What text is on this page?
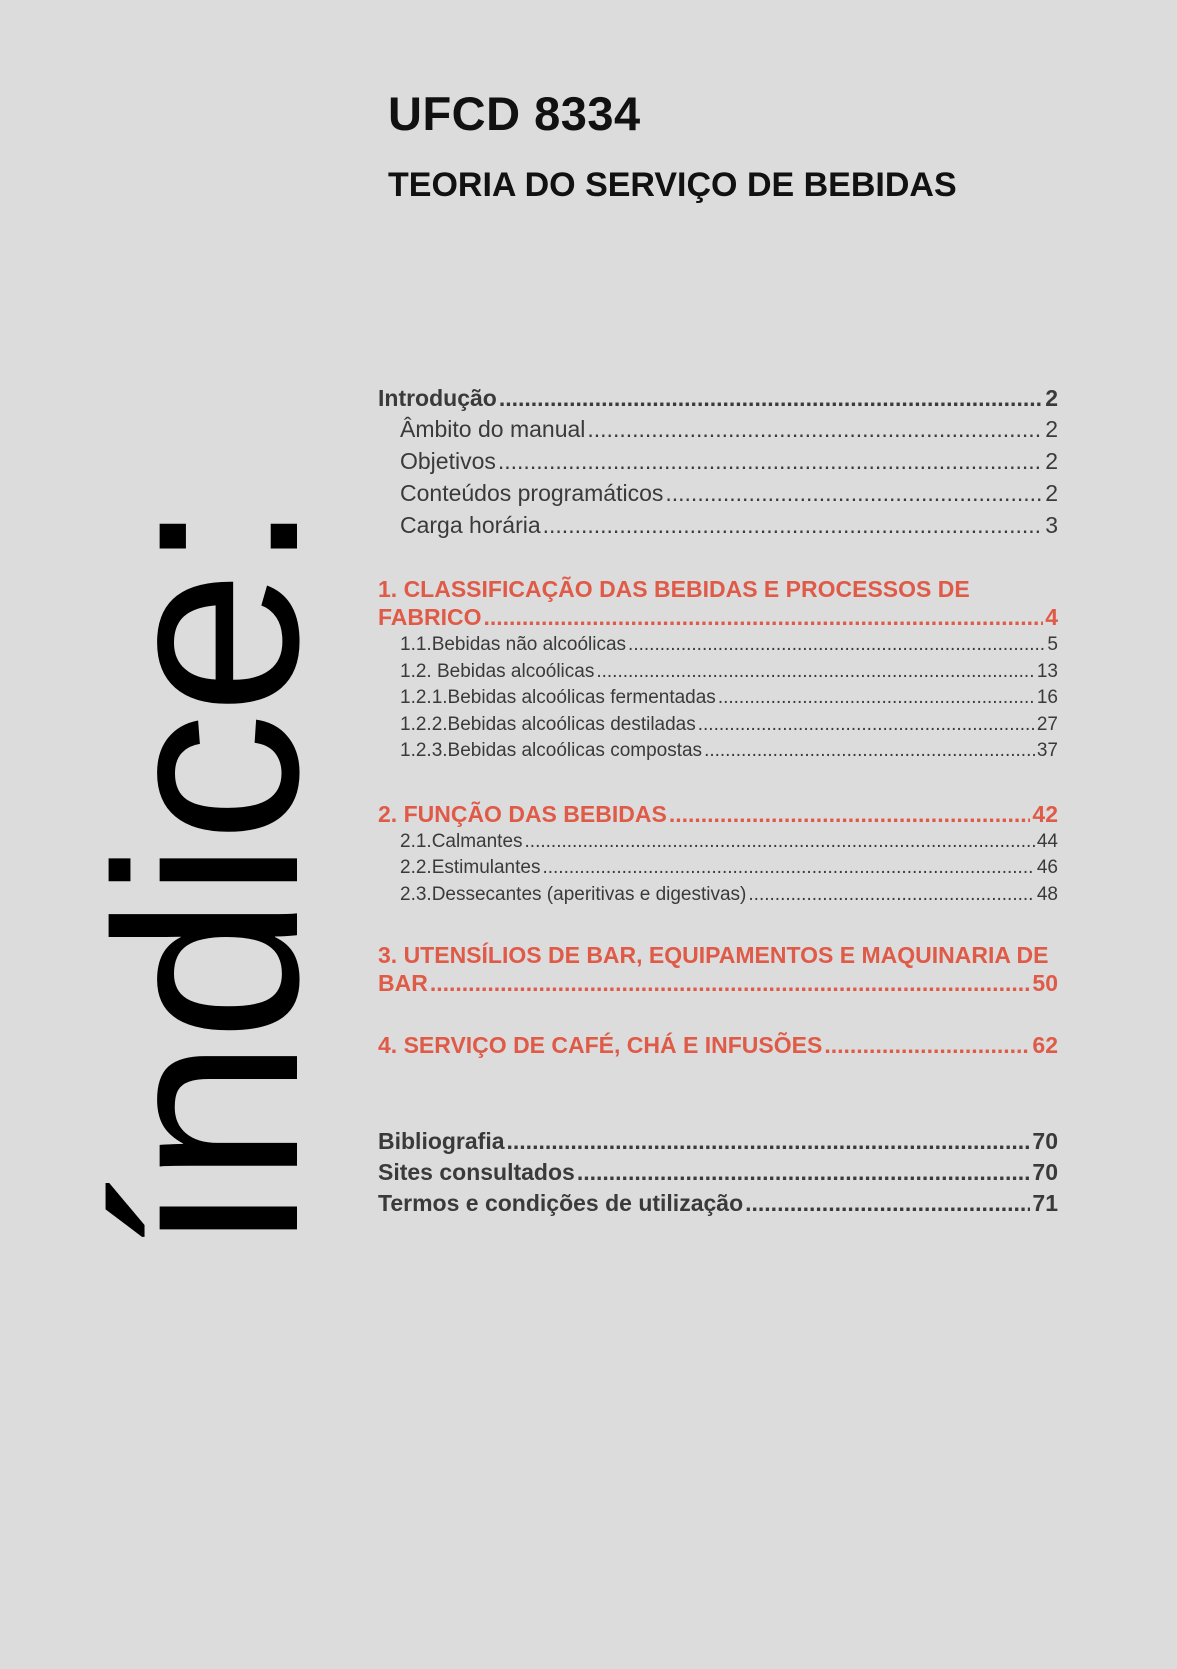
UFCD 8334
TEORIA DO SERVIÇO DE BEBIDAS
índice:
Introdução .....	2
Âmbito do manual .....	2
Objetivos .....	2
Conteúdos programáticos .....	2
Carga horária .....	3
1. CLASSIFICAÇÃO DAS BEBIDAS E PROCESSOS DE
FABRICO .....	4
1.1.Bebidas não alcoólicas .....	5
1.2. Bebidas alcoólicas .....	13
1.2.1.Bebidas alcoólicas fermentadas .....	16
1.2.2.Bebidas alcoólicas destiladas .....	27
1.2.3.Bebidas alcoólicas compostas .....	37
2. FUNÇÃO DAS BEBIDAS .....	42
2.1.Calmantes .....	44
2.2.Estimulantes .....	46
2.3.Dessecantes (aperitivas e digestivas) .....	48
3. UTENSÍLIOS DE BAR, EQUIPAMENTOS E MAQUINARIA DE
BAR .....	50
4. SERVIÇO DE CAFÉ, CHÁ E INFUSÕES .....	62
Bibliografia .....	70
Sites consultados .....	70
Termos e condições de utilização .....	71
